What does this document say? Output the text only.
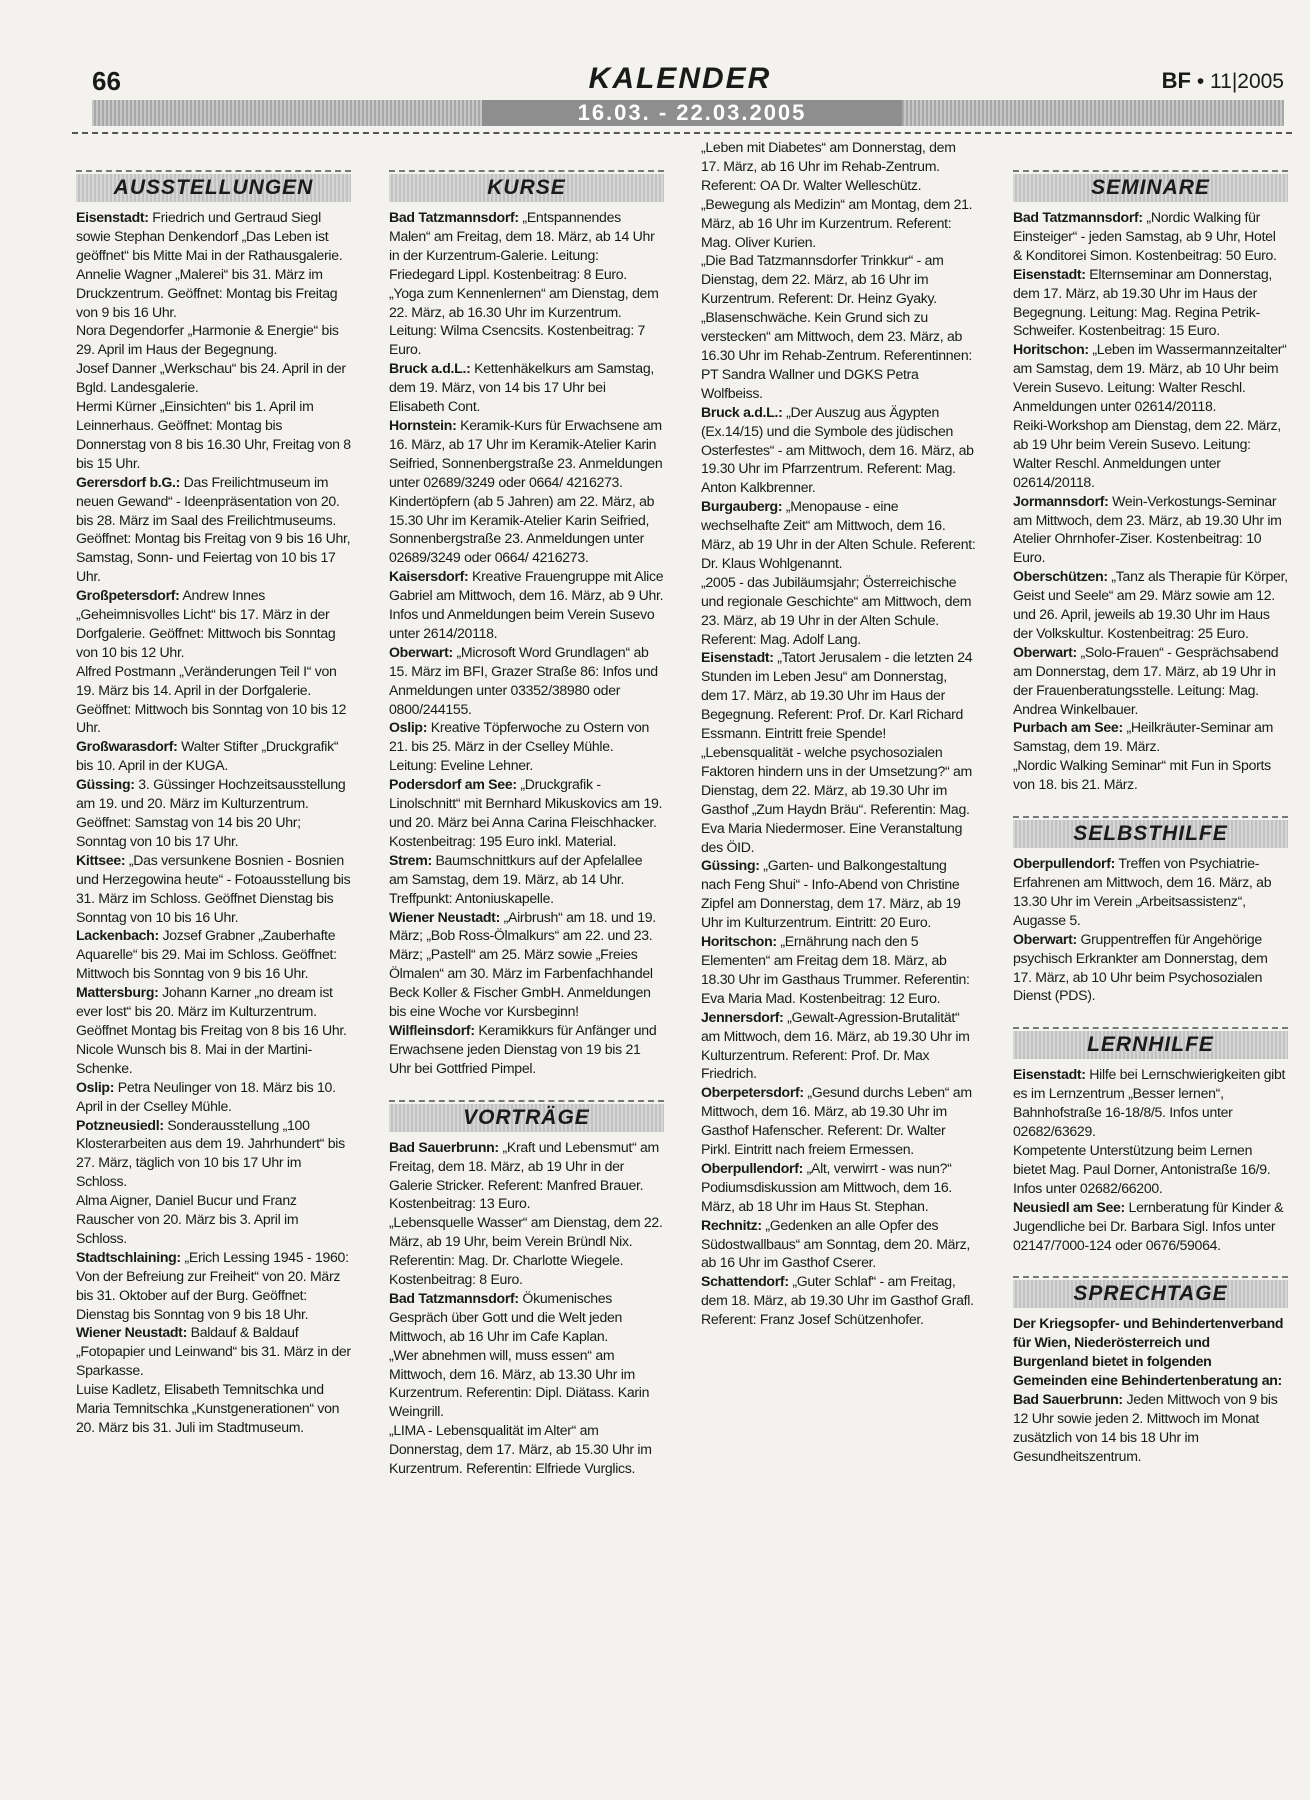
66	KALENDER	BF • 11|2005
16.03. - 22.03.2005
AUSSTELLUNGEN

Eisenstadt: Friedrich und Gertraud Siegl sowie Stephan Denkendorf „Das Leben ist geöffnet“ bis Mitte Mai in der Rathausgalerie.

Annelie Wagner „Malerei“ bis 31. März im Druckzentrum. Geöffnet: Montag bis Freitag von 9 bis 16 Uhr.

Nora Degendorfer „Harmonie & Energie“ bis 29. April im Haus der Begegnung.

Josef Danner „Werkschau“ bis 24. April in der Bgld. Landesgalerie.

Hermi Kürner „Einsichten“ bis 1. April im Leinnerhaus. Geöffnet: Montag bis Donnerstag von 8 bis 16.30 Uhr, Freitag von 8 bis 15 Uhr.

Gerersdorf b.G.: Das Freilichtmuseum im neuen Gewand“ - Ideenpräsentation von 20. bis 28. März im Saal des Freilichtmuseums. Geöffnet: Montag bis Freitag von 9 bis 16 Uhr, Samstag, Sonn- und Feiertag von 10 bis 17 Uhr.

Großpetersdorf: Andrew Innes „Geheimnisvolles Licht“ bis 17. März in der Dorfgalerie. Geöffnet: Mittwoch bis Sonntag von 10 bis 12 Uhr.

Alfred Postmann „Veränderungen Teil I“ von 19. März bis 14. April in der Dorfgalerie. Geöffnet: Mittwoch bis Sonntag von 10 bis 12 Uhr.

Großwarasdorf: Walter Stifter „Druckgrafik“ bis 10. April in der KUGA.

Güssing: 3. Güssinger Hochzeitsausstellung am 19. und 20. März im Kulturzentrum. Geöffnet: Samstag von 14 bis 20 Uhr; Sonntag von 10 bis 17 Uhr.

Kittsee: „Das versunkene Bosnien - Bosnien und Herzegowina heute“ - Fotoausstellung bis 31. März im Schloss. Geöffnet Dienstag bis Sonntag von 10 bis 16 Uhr.

Lackenbach: Jozsef Grabner „Zauberhafte Aquarelle“ bis 29. Mai im Schloss. Geöffnet: Mittwoch bis Sonntag von 9 bis 16 Uhr.

Mattersburg: Johann Karner „no dream ist ever lost“ bis 20. März im Kulturzentrum. Geöffnet Montag bis Freitag von 8 bis 16 Uhr.

Nicole Wunsch bis 8. Mai in der Martini-Schenke.

Oslip: Petra Neulinger von 18. März bis 10. April in der Cselley Mühle.

Potzneusiedl: Sonderausstellung „100 Klosterarbeiten aus dem 19. Jahrhundert“ bis 27. März, täglich von 10 bis 17 Uhr im Schloss.

Alma Aigner, Daniel Bucur und Franz Rauscher von 20. März bis 3. April im Schloss.

Stadtschlaining: „Erich Lessing 1945 - 1960: Von der Befreiung zur Freiheit“ von 20. März bis 31. Oktober auf der Burg. Geöffnet: Dienstag bis Sonntag von 9 bis 18 Uhr.

Wiener Neustadt: Baldauf & Baldauf „Fotopapier und Leinwand“ bis 31. März in der Sparkasse.

Luise Kadletz, Elisabeth Temnitschka und Maria Temnitschka „Kunstgenerationen“ von 20. März bis 31. Juli im Stadtmuseum.

KURSE

Bad Tatzmannsdorf: „Entspannendes Malen“ am Freitag, dem 18. März, ab 14 Uhr in der Kurzentrum-Galerie. Leitung: Friedegard Lippl. Kostenbeitrag: 8 Euro.

„Yoga zum Kennenlernen“ am Dienstag, dem 22. März, ab 16.30 Uhr im Kurzentrum. Leitung: Wilma Csencsits. Kostenbeitrag: 7 Euro.

Bruck a.d.L.: Kettenhäkelkurs am Samstag, dem 19. März, von 14 bis 17 Uhr bei Elisabeth Cont.

Hornstein: Keramik-Kurs für Erwachsene am 16. März, ab 17 Uhr im Keramik-Atelier Karin Seifried, Sonnenbergstraße 23. Anmeldungen unter 02689/3249 oder 0664/ 4216273.

Kindertöpfern (ab 5 Jahren) am 22. März, ab 15.30 Uhr im Keramik-Atelier Karin Seifried, Sonnenbergstraße 23. Anmeldungen unter 02689/3249 oder 0664/ 4216273.

Kaisersdorf: Kreative Frauengruppe mit Alice Gabriel am Mittwoch, dem 16. März, ab 9 Uhr. Infos und Anmeldungen beim Verein Susevo unter 2614/20118.

Oberwart: „Microsoft Word Grundlagen“ ab 15. März im BFI, Grazer Straße 86: Infos und Anmeldungen unter 03352/38980 oder 0800/244155.

Oslip: Kreative Töpferwoche zu Ostern von 21. bis 25. März in der Cselley Mühle. Leitung: Eveline Lehner.

Podersdorf am See: „Druckgrafik - Linolschnitt“ mit Bernhard Mikuskovics am 19. und 20. März bei Anna Carina Fleischhacker. Kostenbeitrag: 195 Euro inkl. Material.

Strem: Baumschnittkurs auf der Apfelallee am Samstag, dem 19. März, ab 14 Uhr. Treffpunkt: Antoniuskapelle.

Wiener Neustadt: „Airbrush“ am 18. und 19. März; „Bob Ross-Ölmalkurs“ am 22. und 23. März; „Pastell“ am 25. März sowie „Freies Ölmalen“ am 30. März im Farbenfachhandel Beck Koller & Fischer GmbH. Anmeldungen bis eine Woche vor Kursbeginn!

Wilfleinsdorf: Keramikkurs für Anfänger und Erwachsene jeden Dienstag von 19 bis 21 Uhr bei Gottfried Pimpel.

VORTRÄGE

Bad Sauerbrunn: „Kraft und Lebensmut“ am Freitag, dem 18. März, ab 19 Uhr in der Galerie Stricker. Referent: Manfred Brauer. Kostenbeitrag: 13 Euro.

„Lebensquelle Wasser“ am Dienstag, dem 22. März, ab 19 Uhr, beim Verein Bründl Nix. Referentin: Mag. Dr. Charlotte Wiegele. Kostenbeitrag: 8 Euro.

Bad Tatzmannsdorf: Ökumenisches Gespräch über Gott und die Welt jeden Mittwoch, ab 16 Uhr im Cafe Kaplan.

„Wer abnehmen will, muss essen“ am Mittwoch, dem 16. März, ab 13.30 Uhr im Kurzentrum. Referentin: Dipl. Diätass. Karin Weingrill.

„LIMA - Lebensqualität im Alter“ am Donnerstag, dem 17. März, ab 15.30 Uhr im Kurzentrum. Referentin: Elfriede Vurglics.

„Leben mit Diabetes“ am Donnerstag, dem 17. März, ab 16 Uhr im Rehab-Zentrum. Referent: OA Dr. Walter Welleschütz.

„Bewegung als Medizin“ am Montag, dem 21. März, ab 16 Uhr im Kurzentrum. Referent: Mag. Oliver Kurien.

„Die Bad Tatzmannsdorfer Trinkkur“ - am Dienstag, dem 22. März, ab 16 Uhr im Kurzentrum. Referent: Dr. Heinz Gyaky.

„Blasenschwäche. Kein Grund sich zu verstecken“ am Mittwoch, dem 23. März, ab 16.30 Uhr im Rehab-Zentrum. Referentinnen: PT Sandra Wallner und DGKS Petra Wolfbeiss.

Bruck a.d.L.: „Der Auszug aus Ägypten (Ex.14/15) und die Symbole des jüdischen Osterfestes“ - am Mittwoch, dem 16. März, ab 19.30 Uhr im Pfarrzentrum. Referent: Mag. Anton Kalkbrenner.

Burgauberg: „Menopause - eine wechselhafte Zeit“ am Mittwoch, dem 16. März, ab 19 Uhr in der Alten Schule. Referent: Dr. Klaus Wohlgenannt.

„2005 - das Jubiläumsjahr; Österreichische und regionale Geschichte“ am Mittwoch, dem 23. März, ab 19 Uhr in der Alten Schule. Referent: Mag. Adolf Lang.

Eisenstadt: „Tatort Jerusalem - die letzten 24 Stunden im Leben Jesu“ am Donnerstag, dem 17. März, ab 19.30 Uhr im Haus der Begegnung. Referent: Prof. Dr. Karl Richard Essmann. Eintritt freie Spende!

„Lebensqualität - welche psychosozialen Faktoren hindern uns in der Umsetzung?“ am Dienstag, dem 22. März, ab 19.30 Uhr im Gasthof „Zum Haydn Bräu“. Referentin: Mag. Eva Maria Niedermoser. Eine Veranstaltung des ÖID.

Güssing: „Garten- und Balkongestaltung nach Feng Shui“ - Info-Abend von Christine Zipfel am Donnerstag, dem 17. März, ab 19 Uhr im Kulturzentrum. Eintritt: 20 Euro.

Horitschon: „Ernährung nach den 5 Elementen“ am Freitag dem 18. März, ab 18.30 Uhr im Gasthaus Trummer. Referentin: Eva Maria Mad. Kostenbeitrag: 12 Euro.

Jennersdorf: „Gewalt-Agression-Brutalität“ am Mittwoch, dem 16. März, ab 19.30 Uhr im Kulturzentrum. Referent: Prof. Dr. Max Friedrich.

Oberpetersdorf: „Gesund durchs Leben“ am Mittwoch, dem 16. März, ab 19.30 Uhr im Gasthof Hafenscher. Referent: Dr. Walter Pirkl. Eintritt nach freiem Ermessen.

Oberpullendorf: „Alt, verwirrt - was nun?“ Podiumsdiskussion am Mittwoch, dem 16. März, ab 18 Uhr im Haus St. Stephan.

Rechnitz: „Gedenken an alle Opfer des Südostwallbaus“ am Sonntag, dem 20. März, ab 16 Uhr im Gasthof Cserer.

Schattendorf: „Guter Schlaf“ - am Freitag, dem 18. März, ab 19.30 Uhr im Gasthof Grafl. Referent: Franz Josef Schützenhofer.

SEMINARE

Bad Tatzmannsdorf: „Nordic Walking für Einsteiger“ - jeden Samstag, ab 9 Uhr, Hotel & Konditorei Simon. Kostenbeitrag: 50 Euro.

Eisenstadt: Elternseminar am Donnerstag, dem 17. März, ab 19.30 Uhr im Haus der Begegnung. Leitung: Mag. Regina Petrik-Schweifer. Kostenbeitrag: 15 Euro.

Horitschon: „Leben im Wassermannzeitalter“ am Samstag, dem 19. März, ab 10 Uhr beim Verein Susevo. Leitung: Walter Reschl. Anmeldungen unter 02614/20118.

Reiki-Workshop am Dienstag, dem 22. März, ab 19 Uhr beim Verein Susevo. Leitung: Walter Reschl. Anmeldungen unter 02614/20118.

Jormannsdorf: Wein-Verkostungs-Seminar am Mittwoch, dem 23. März, ab 19.30 Uhr im Atelier Ohrnhofer-Ziser. Kostenbeitrag: 10 Euro.

Oberschützen: „Tanz als Therapie für Körper, Geist und Seele“ am 29. März sowie am 12. und 26. April, jeweils ab 19.30 Uhr im Haus der Volkskultur. Kostenbeitrag: 25 Euro.

Oberwart: „Solo-Frauen“ - Gesprächsabend am Donnerstag, dem 17. März, ab 19 Uhr in der Frauenberatungsstelle. Leitung: Mag. Andrea Winkelbauer.

Purbach am See: „Heilkräuter-Seminar am Samstag, dem 19. März.

„Nordic Walking Seminar“ mit Fun in Sports von 18. bis 21. März.

SELBSTHILFE

Oberpullendorf: Treffen von Psychiatrie-Erfahrenen am Mittwoch, dem 16. März, ab 13.30 Uhr im Verein „Arbeitsassistenz“, Augasse 5.

Oberwart: Gruppentreffen für Angehörige psychisch Erkrankter am Donnerstag, dem 17. März, ab 10 Uhr beim Psychosozialen Dienst (PDS).

LERNHILFE

Eisenstadt: Hilfe bei Lernschwierigkeiten gibt es im Lernzentrum „Besser lernen“, Bahnhofstraße 16-18/8/5. Infos unter 02682/63629.

Kompetente Unterstützung beim Lernen bietet Mag. Paul Dorner, Antonistraße 16/9. Infos unter 02682/66200.

Neusiedl am See: Lernberatung für Kinder & Jugendliche bei Dr. Barbara Sigl. Infos unter 02147/7000-124 oder 0676/59064.

SPRECHTAGE

Der Kriegsopfer- und Behindertenverband für Wien, Niederösterreich und Burgenland bietet in folgenden Gemeinden eine Behindertenberatung an:

Bad Sauerbrunn: Jeden Mittwoch von 9 bis 12 Uhr sowie jeden 2. Mittwoch im Monat zusätzlich von 14 bis 18 Uhr im Gesundheitszentrum.
